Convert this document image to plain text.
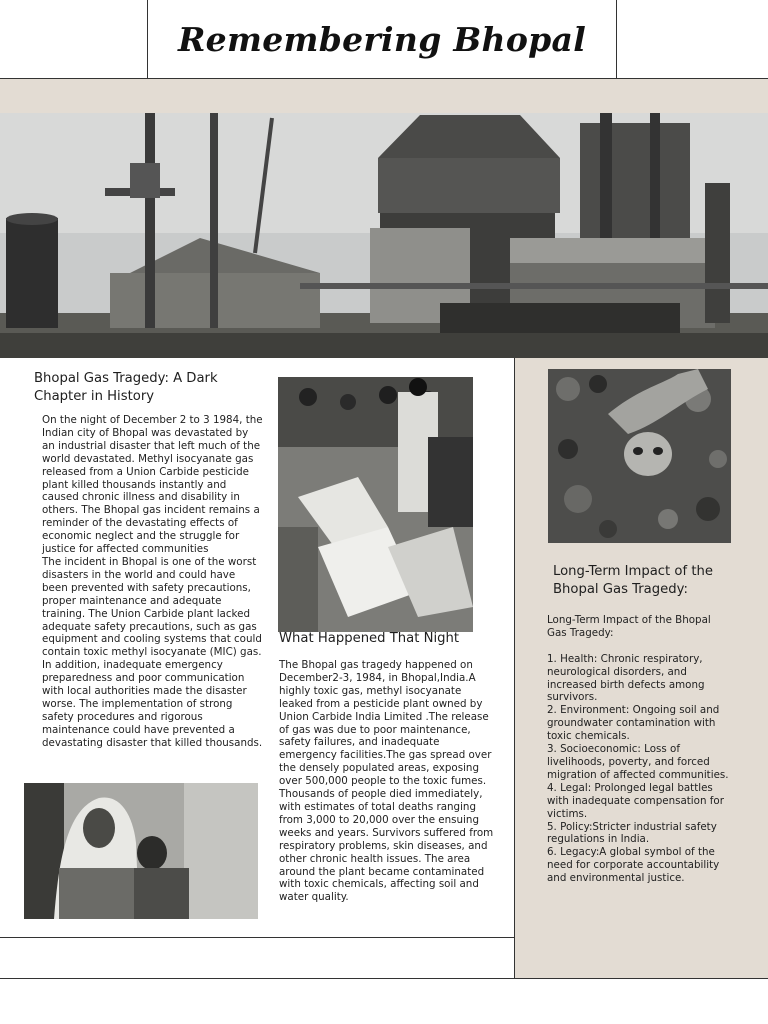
Remembering Bhopal
Bhopal Gas Tragedy: A Dark Chapter in History
On the night of December 2 to 3 1984, the Indian city of Bhopal was devastated by an industrial disaster that left much of the world devastated. Methyl isocyanate gas released from a Union Carbide pesticide plant killed thousands instantly and caused chronic illness and disability in others. The Bhopal gas incident remains a reminder of the devastating effects of economic neglect and the struggle for justice for affected communities
The incident in Bhopal is one of the worst disasters in the world and could have been prevented with safety precautions, proper maintenance and adequate training. The Union Carbide plant lacked adequate safety precautions, such as gas equipment and cooling systems that could contain toxic methyl isocyanate (MIC) gas. In addition, inadequate emergency preparedness and poor communication with local authorities made the disaster worse. The implementation of strong safety procedures and rigorous maintenance could have prevented a devastating disaster that killed thousands.
What Happened That Night
The Bhopal gas tragedy happened on December2-3, 1984, in Bhopal,India.A highly toxic gas, methyl isocyanate leaked from a pesticide plant owned by Union Carbide India Limited .The release of gas was due to poor maintenance, safety failures, and inadequate emergency facilities.The gas spread over the densely populated areas, exposing over 500,000 people to the toxic fumes. Thousands of people died immediately, with estimates of total deaths ranging from 3,000 to 20,000 over the ensuing weeks and years. Survivors suffered from respiratory problems, skin diseases, and other chronic health issues. The area around the plant became contaminated with toxic chemicals, affecting soil and water quality.
Long-Term Impact of the Bhopal Gas Tragedy:
Long-Term Impact of the Bhopal Gas Tragedy:

1. Health: Chronic respiratory, neurological disorders, and increased birth defects among survivors.
2. Environment: Ongoing soil and groundwater contamination with toxic chemicals.
3. Socioeconomic: Loss of livelihoods, poverty, and forced migration of affected communities.
4. Legal: Prolonged legal battles with inadequate compensation for victims.
5. Policy:Stricter industrial safety regulations in India.
6. Legacy:A global symbol of the need for corporate accountability and environmental justice.
